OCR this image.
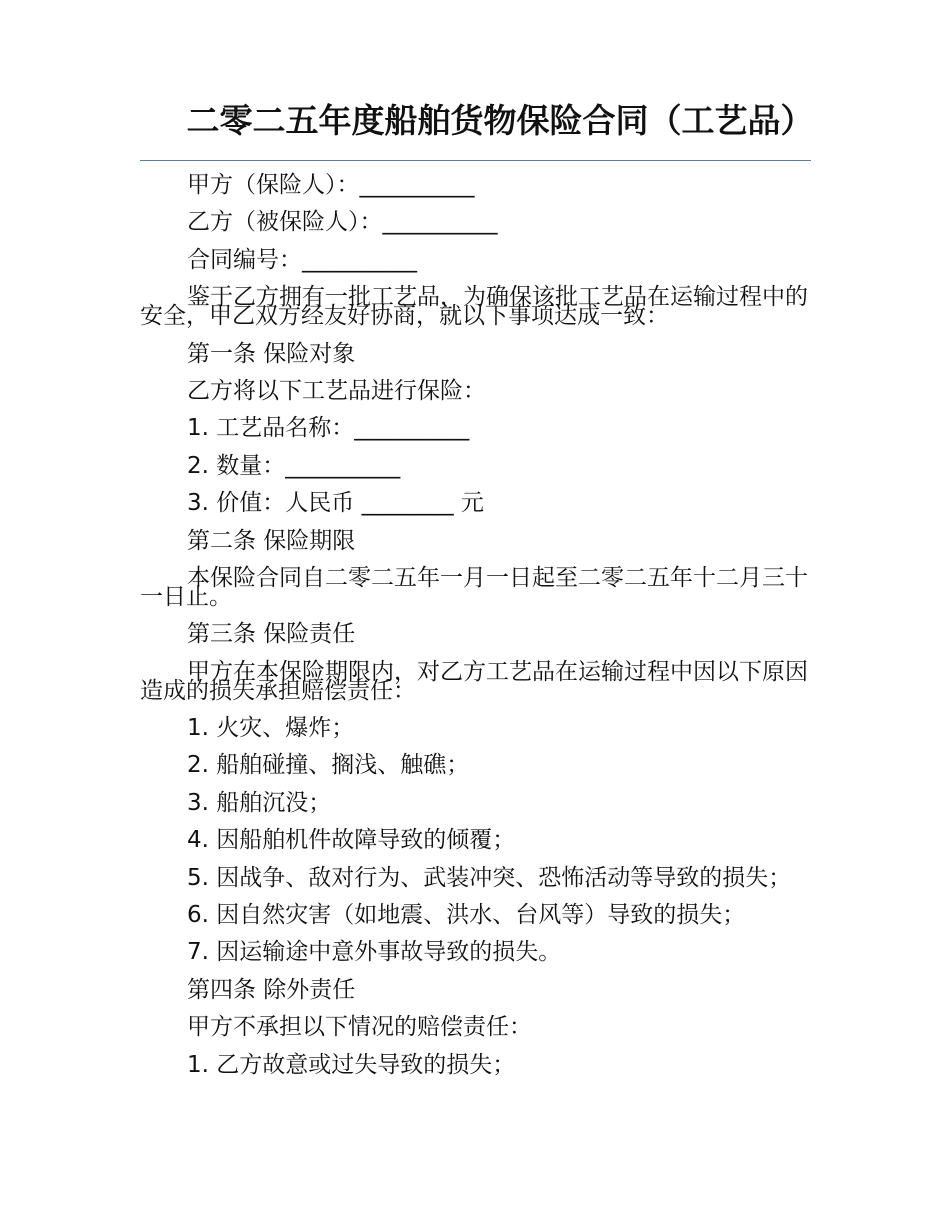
二零二五年度船舶货物保险合同（工艺品）

甲方（保险人）：__________

乙方（被保险人）：__________

合同编号：__________

鉴于乙方拥有一批工艺品，为确保该批工艺品在运输过程中的安全，甲乙双方经友好协商，就以下事项达成一致：

第一条 保险对象

乙方将以下工艺品进行保险：

1. 工艺品名称：__________

2. 数量：__________

3. 价值：人民币 ________ 元

第二条 保险期限

本保险合同自二零二五年一月一日起至二零二五年十二月三十一日止。

第三条 保险责任

甲方在本保险期限内，对乙方工艺品在运输过程中因以下原因造成的损失承担赔偿责任：

1. 火灾、爆炸；

2. 船舶碰撞、搁浅、触礁；

3. 船舶沉没；

4. 因船舶机件故障导致的倾覆；

5. 因战争、敌对行为、武装冲突、恐怖活动等导致的损失；

6. 因自然灾害（如地震、洪水、台风等）导致的损失；

7. 因运输途中意外事故导致的损失。

第四条 除外责任

甲方不承担以下情况的赔偿责任：

1. 乙方故意或过失导致的损失；
